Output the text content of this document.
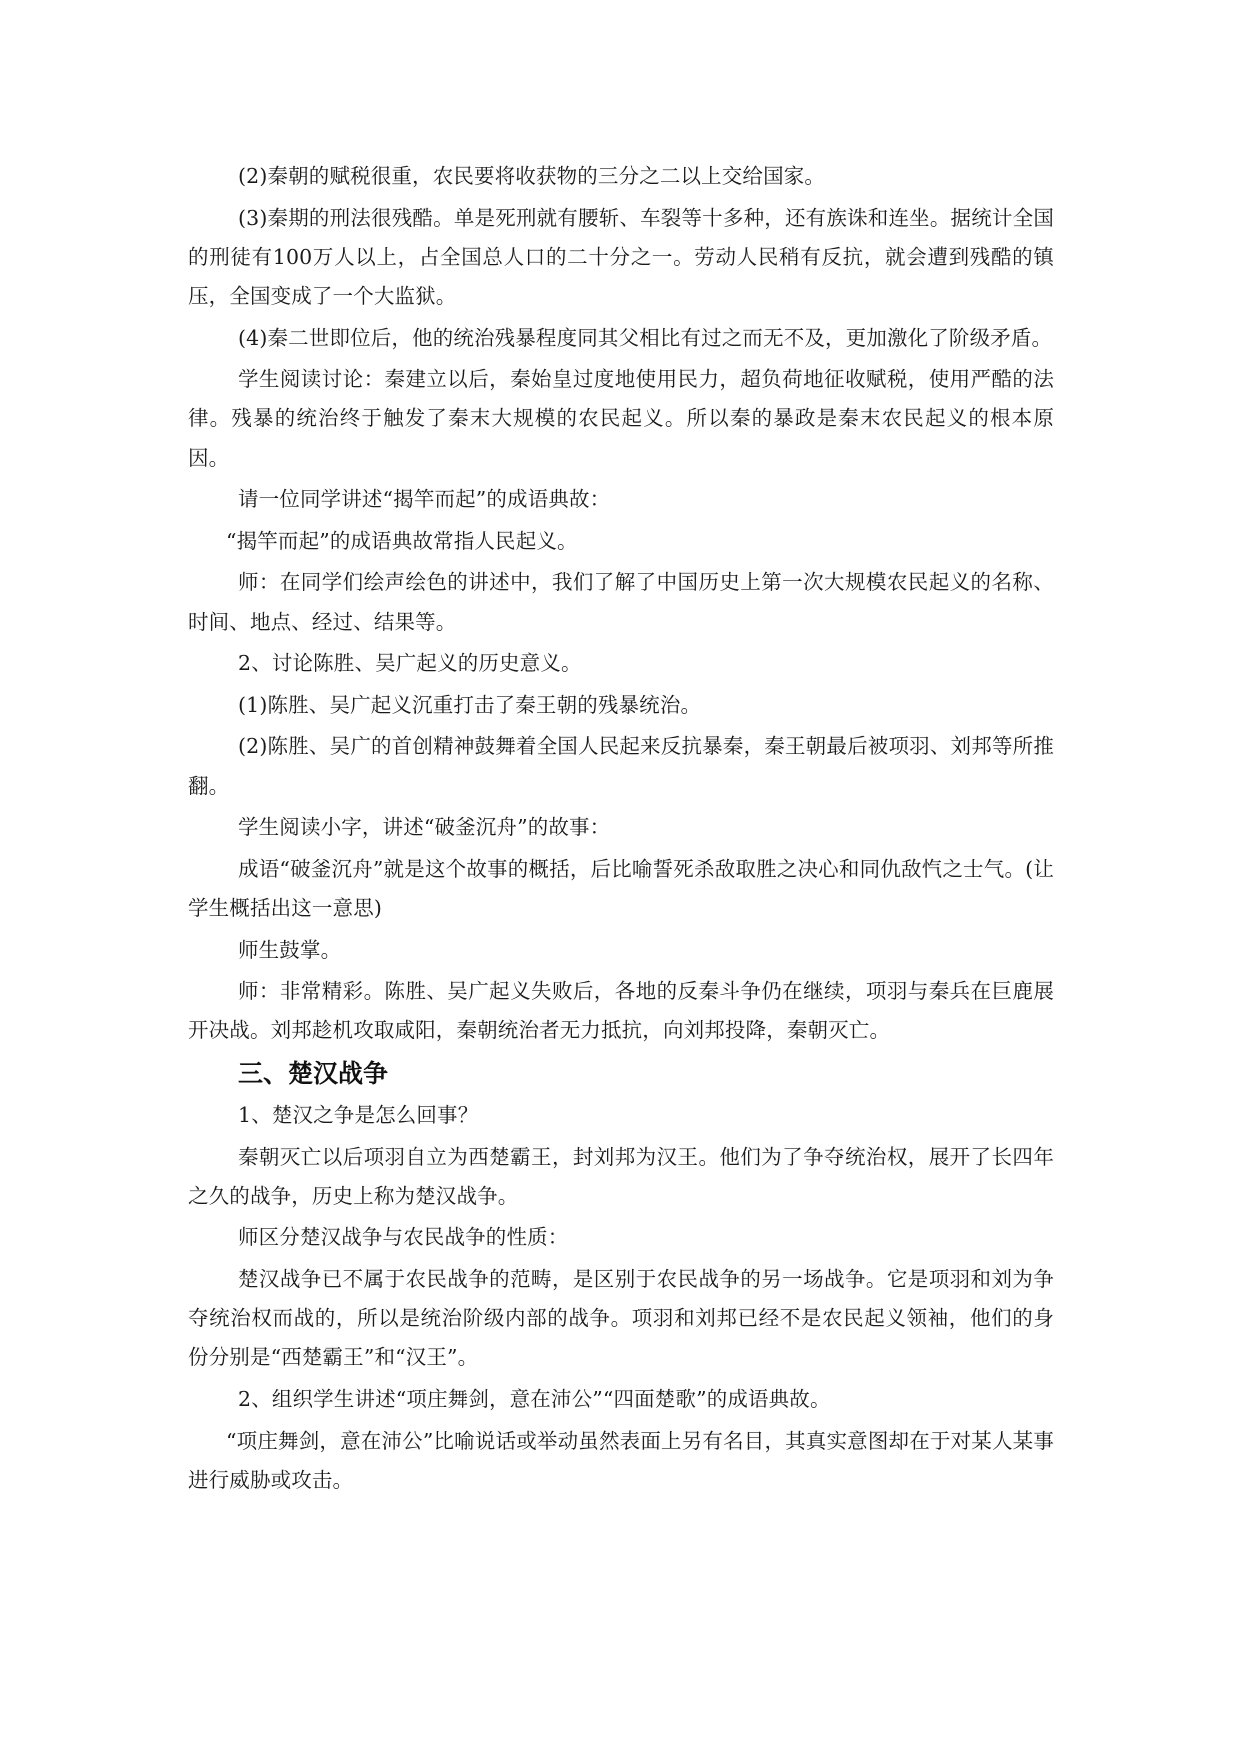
(2)秦朝的赋税很重，农民要将收获物的三分之二以上交给国家。

(3)秦期的刑法很残酷。单是死刑就有腰斩、车裂等十多种，还有族诛和连坐。据统计全国的刑徒有100万人以上，占全国总人口的二十分之一。劳动人民稍有反抗，就会遭到残酷的镇压，全国变成了一个大监狱。

(4)秦二世即位后，他的统治残暴程度同其父相比有过之而无不及，更加激化了阶级矛盾。

学生阅读讨论：秦建立以后，秦始皇过度地使用民力，超负荷地征收赋税，使用严酷的法律。残暴的统治终于触发了秦末大规模的农民起义。所以秦的暴政是秦末农民起义的根本原因。

请一位同学讲述“揭竿而起”的成语典故：

“揭竿而起”的成语典故常指人民起义。

师：在同学们绘声绘色的讲述中，我们了解了中国历史上第一次大规模农民起义的名称、时间、地点、经过、结果等。

2、讨论陈胜、吴广起义的历史意义。

(1)陈胜、吴广起义沉重打击了秦王朝的残暴统治。

(2)陈胜、吴广的首创精神鼓舞着全国人民起来反抗暴秦，秦王朝最后被项羽、刘邦等所推翻。

学生阅读小字，讲述“破釜沉舟”的故事：

成语“破釜沉舟”就是这个故事的概括，后比喻誓死杀敌取胜之决心和同仇敌忾之士气。(让学生概括出这一意思)

师生鼓掌。

师：非常精彩。陈胜、吴广起义失败后，各地的反秦斗争仍在继续，项羽与秦兵在巨鹿展开决战。刘邦趁机攻取咸阳，秦朝统治者无力抵抗，向刘邦投降，秦朝灭亡。

三、楚汉战争

1、楚汉之争是怎么回事？

秦朝灭亡以后项羽自立为西楚霸王，封刘邦为汉王。他们为了争夺统治权，展开了长四年之久的战争，历史上称为楚汉战争。

师区分楚汉战争与农民战争的性质：

楚汉战争已不属于农民战争的范畴，是区别于农民战争的另一场战争。它是项羽和刘为争夺统治权而战的，所以是统治阶级内部的战争。项羽和刘邦已经不是农民起义领袖，他们的身份分别是“西楚霸王”和“汉王”。

2、组织学生讲述“项庄舞剑，意在沛公”“四面楚歌”的成语典故。

“项庄舞剑，意在沛公”比喻说话或举动虽然表面上另有名目，其真实意图却在于对某人某事进行威胁或攻击。
